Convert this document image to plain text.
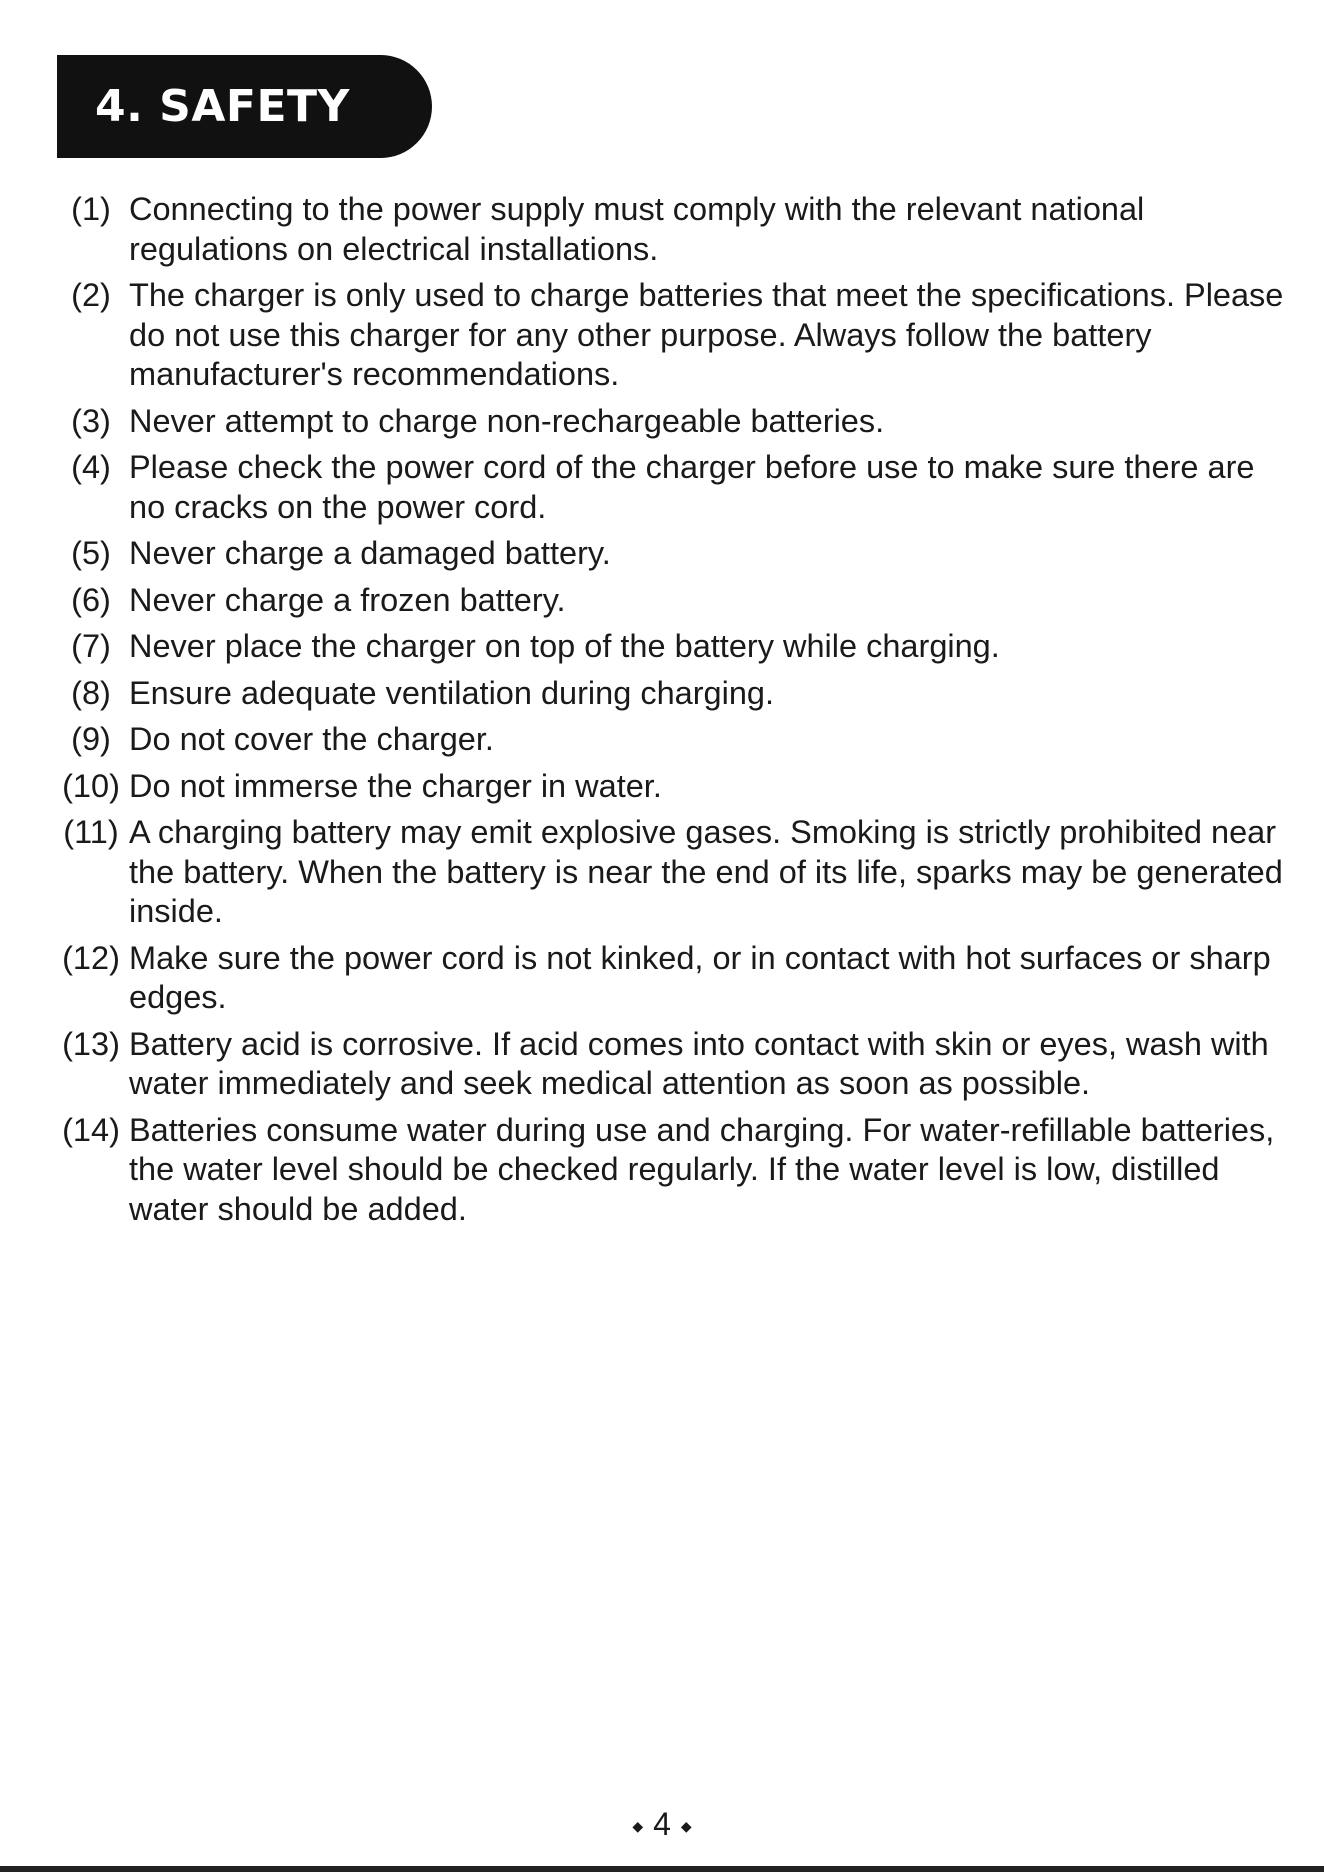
4. SAFETY
(1) Connecting to the power supply must comply with the relevant national regulations on electrical installations.
(2) The charger is only used to charge batteries that meet the specifications. Please do not use this charger for any other purpose. Always follow the battery manufacturer's recommendations.
(3) Never attempt to charge non-rechargeable batteries.
(4) Please check the power cord of the charger before use to make sure there are no cracks on the power cord.
(5) Never charge a damaged battery.
(6) Never charge a frozen battery.
(7) Never place the charger on top of the battery while charging.
(8) Ensure adequate ventilation during charging.
(9) Do not cover the charger.
(10) Do not immerse the charger in water.
(11) A charging battery may emit explosive gases. Smoking is strictly prohibited near the battery. When the battery is near the end of its life, sparks may be generated inside.
(12) Make sure the power cord is not kinked, or in contact with hot surfaces or sharp edges.
(13) Battery acid is corrosive. If acid comes into contact with skin or eyes, wash with water immediately and seek medical attention as soon as possible.
(14) Batteries consume water during use and charging. For water-refillable batteries, the water level should be checked regularly. If the water level is low, distilled water should be added.
◆ 4 ◆
